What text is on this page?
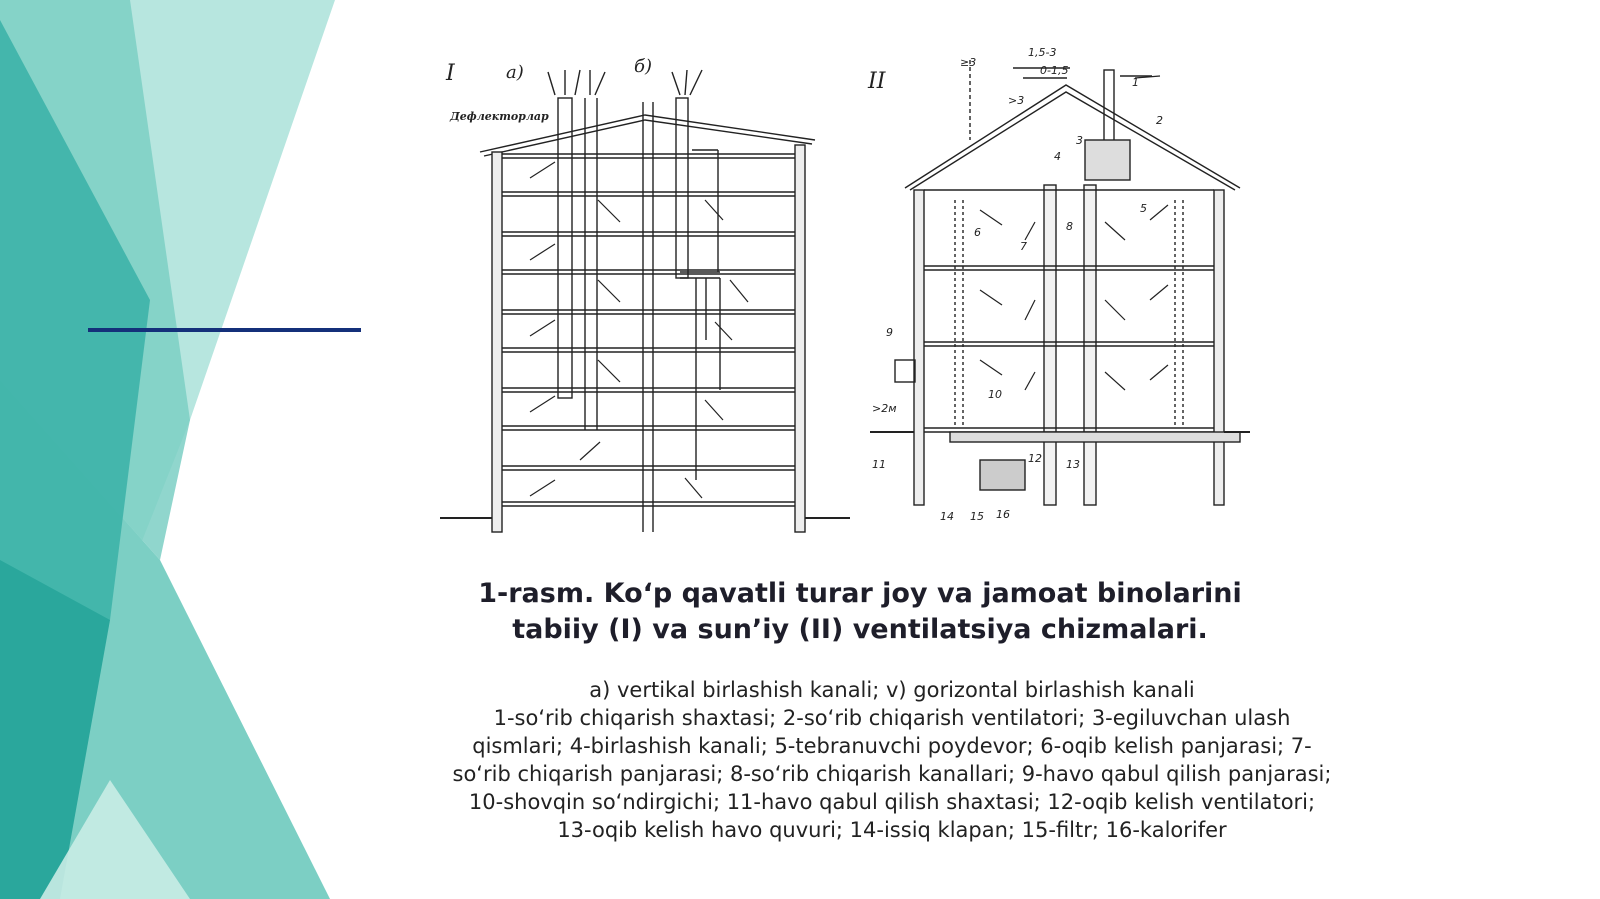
I	a)	б)
II
Дефлекторлар
1,5-3
0-1,5
≥3
>3
>2м
1
2
3
4
5
6
7
8
9
10
11	12 13
14 15 16
1-rasm. Koʻp qavatli turar joy va jamoat binolarini
tabiiy (I) va sunʼiy (II) ventilatsiya chizmalari.
a) vertikal birlashish kanali; v) gorizontal birlashish kanali
1-soʻrib chiqarish shaxtasi; 2-soʻrib chiqarish ventilatori; 3-egiluvchan ulash qismlari; 4-birlashish kanali; 5-tebranuvchi poydevor; 6-oqib kelish panjarasi; 7-soʻrib chiqarish panjarasi; 8-soʻrib chiqarish kanallari; 9-havo qabul qilish panjarasi; 10-shovqin soʻndirgichi; 11-havo qabul qilish shaxtasi; 12-oqib kelish ventilatori; 13-oqib kelish havo quvuri; 14-issiq klapan; 15-filtr; 16-kalorifer
